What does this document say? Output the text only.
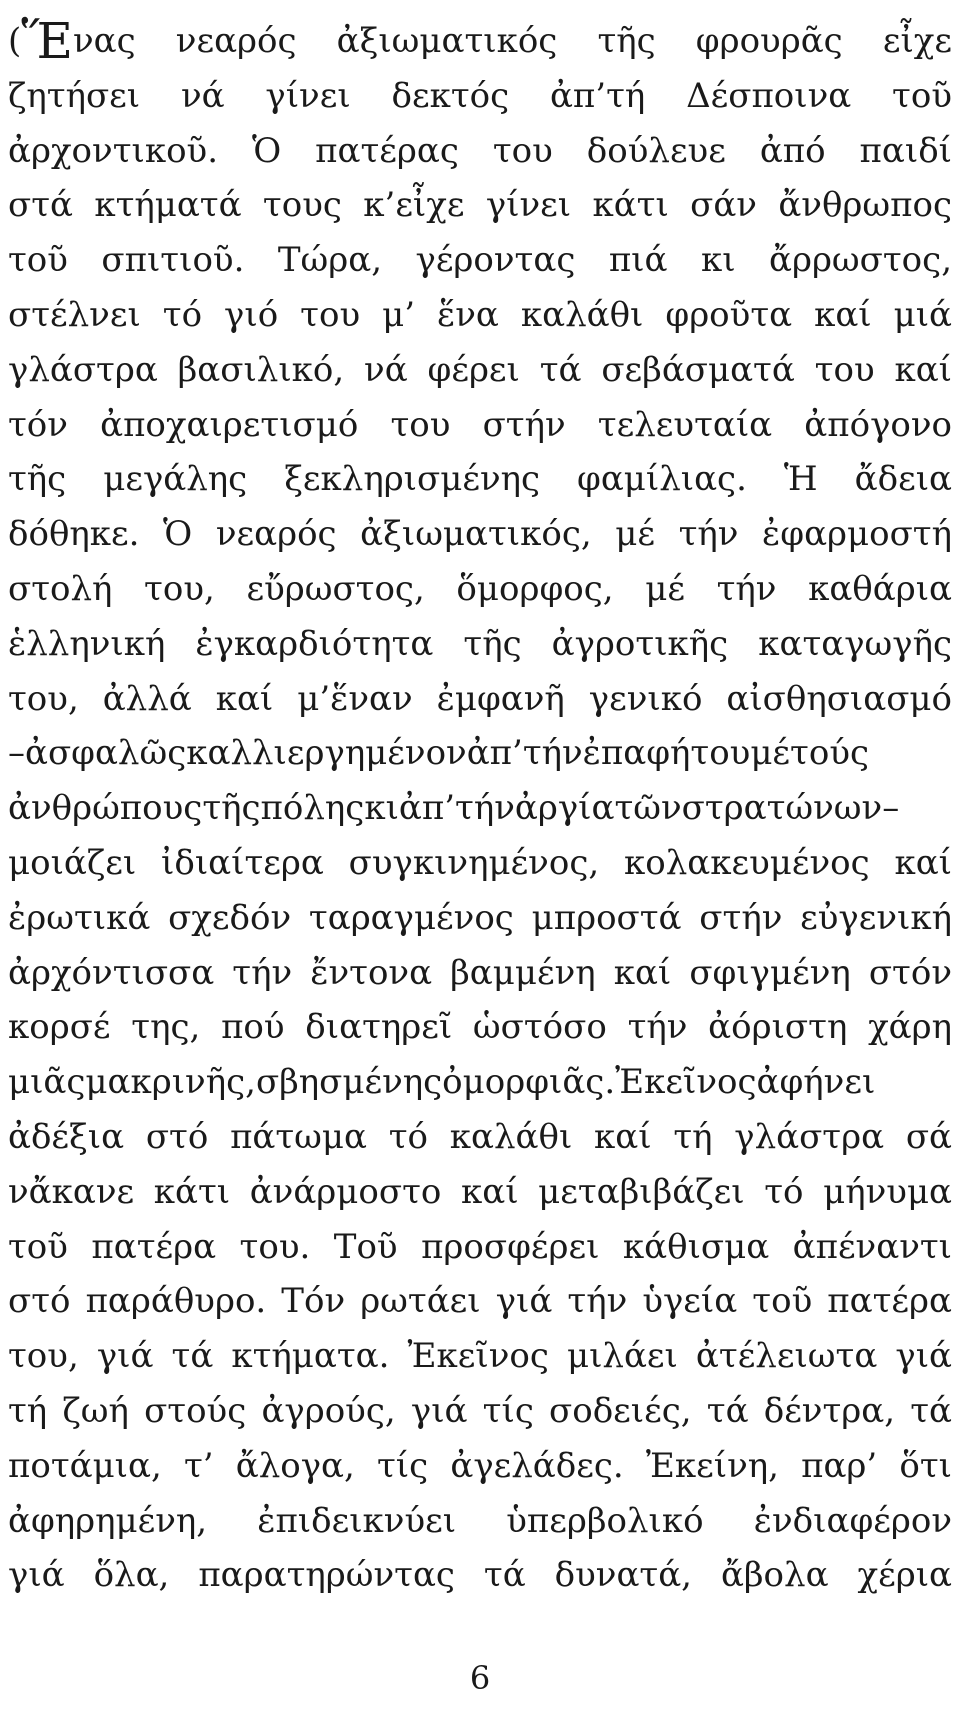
(Ἕνας νεαρός ἀξιωματικός τῆς φρουρᾶς εἶχε
ζητήσει νά γίνει δεκτός ἀπ’τή Δέσποινα τοῦ
ἀρχοντικοῦ. Ὁ πατέρας του δούλευε ἀπό παιδί
στά κτήματά τους κ’εἶχε γίνει κάτι σάν ἄνθρωπος
τοῦ σπιτιοῦ. Τώρα, γέροντας πιά κι ἄρρωστος,
στέλνει τό γιό του μ’ ἕνα καλάθι φροῦτα καί μιά
γλάστρα βασιλικό, νά φέρει τά σεβάσματά του καί
τόν ἀποχαιρετισμό του στήν τελευταία ἀπόγονο
τῆς μεγάλης ξεκληρισμένης φαμίλιας. Ἡ ἄδεια
δόθηκε. Ὁ νεαρός ἀξιωματικός, μέ τήν ἐφαρμοστή
στολή του, εὔρωστος, ὅμορφος, μέ τήν καθάρια
ἑλληνική ἐγκαρδιότητα τῆς ἀγροτικῆς καταγωγῆς
του, ἀλλά καί μ’ἕναν ἐμφανῆ γενικό αἰσθησιασμό
–ἀσφαλῶςκαλλιεργημένονἀπ’τήνἐπαφήτουμέτούς
ἀνθρώπουςτῆςπόληςκιἀπ’τήνἀργίατῶνστρατώνων–
μοιάζει ἰδιαίτερα συγκινημένος, κολακευμένος καί
ἐρωτικά σχεδόν ταραγμένος μπροστά στήν εὐγενική
ἀρχόντισσα τήν ἔντονα βαμμένη καί σφιγμένη στόν
κορσέ της, πού διατηρεῖ ὡστόσο τήν ἀόριστη χάρη
μιᾶςμακρινῆς,σβησμένηςὀμορφιᾶς.Ἐκεῖνοςἀφήνει
ἀδέξια στό πάτωμα τό καλάθι καί τή γλάστρα σά
νἄκανε κάτι ἀνάρμοστο καί μεταβιβάζει τό μήνυμα
τοῦ πατέρα του. Τοῦ προσφέρει κάθισμα ἀπέναντι
στό παράθυρο. Τόν ρωτάει γιά τήν ὑγεία τοῦ πατέρα
του, γιά τά κτήματα. Ἐκεῖνος μιλάει ἀτέλειωτα γιά
τή ζωή στούς ἀγρούς, γιά τίς σοδειές, τά δέντρα, τά
ποτάμια, τ’ ἄλογα, τίς ἀγελάδες. Ἐκείνη, παρ’ ὅτι
ἀφηρημένη, ἐπιδεικνύει ὑπερβολικό ἐνδιαφέρον
γιά ὅλα, παρατηρώντας τά δυνατά, ἄβολα χέρια
6
